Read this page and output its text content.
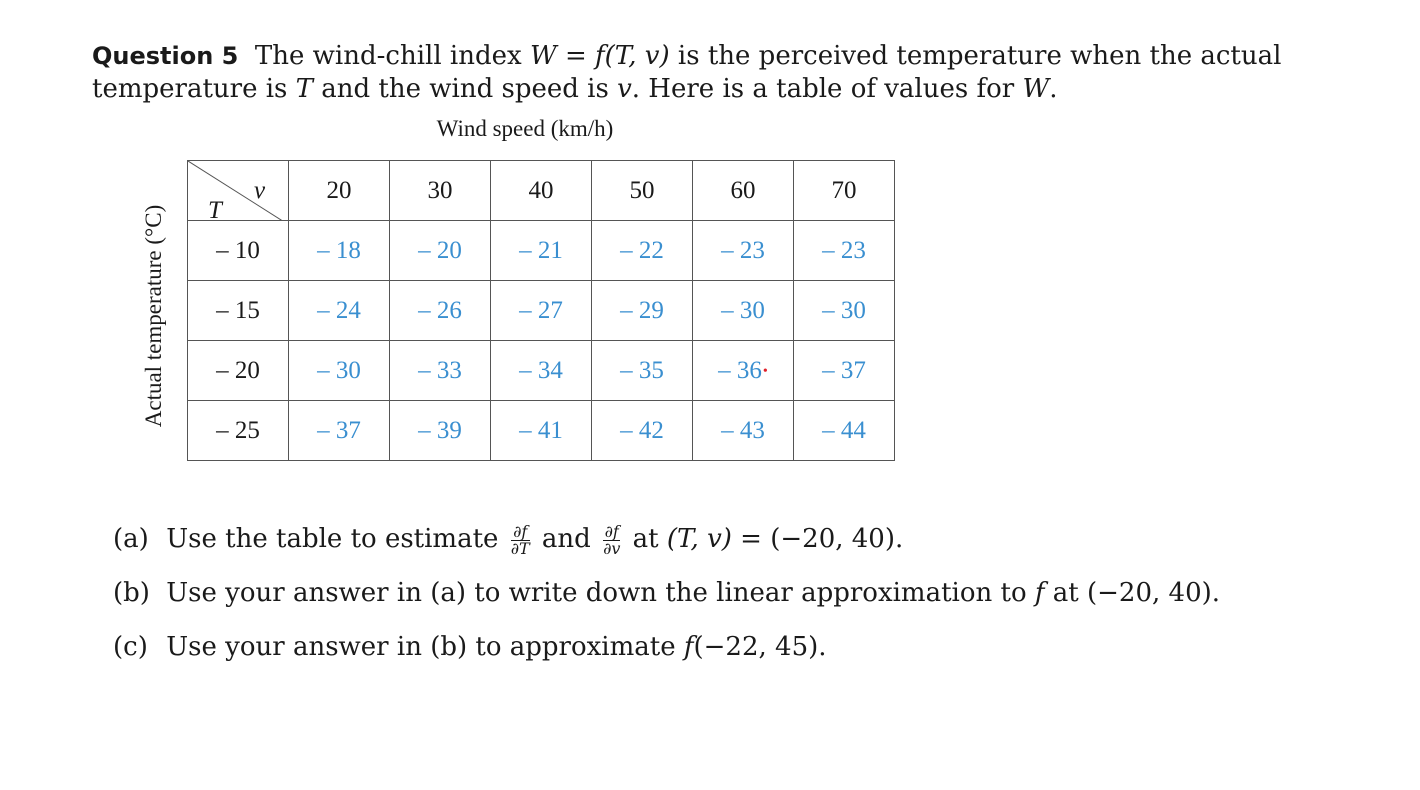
Question 5 The wind-chill index W = f(T, v) is the perceived temperature when the actual temperature is T and the wind speed is v. Here is a table of values for W.
Wind speed (km/h)
Actual temperature (°C)
v
T	20	30	40	50	60	70
– 10	– 18	– 20	– 21	– 22	– 23	– 23
– 15	– 24	– 26	– 27	– 29	– 30	– 30
– 20	– 30	– 33	– 34	– 35	– 36•	– 37
– 25	– 37	– 39	– 41	– 42	– 43	– 44
(a) Use the table to estimate $\frac{\partial f}{\partial T}$ and $\frac{\partial f}{\partial v}$ at (T, v) = (−20, 40).
(b) Use your answer in (a) to write down the linear approximation to f at (−20, 40).
(c) Use your answer in (b) to approximate f(−22, 45).
